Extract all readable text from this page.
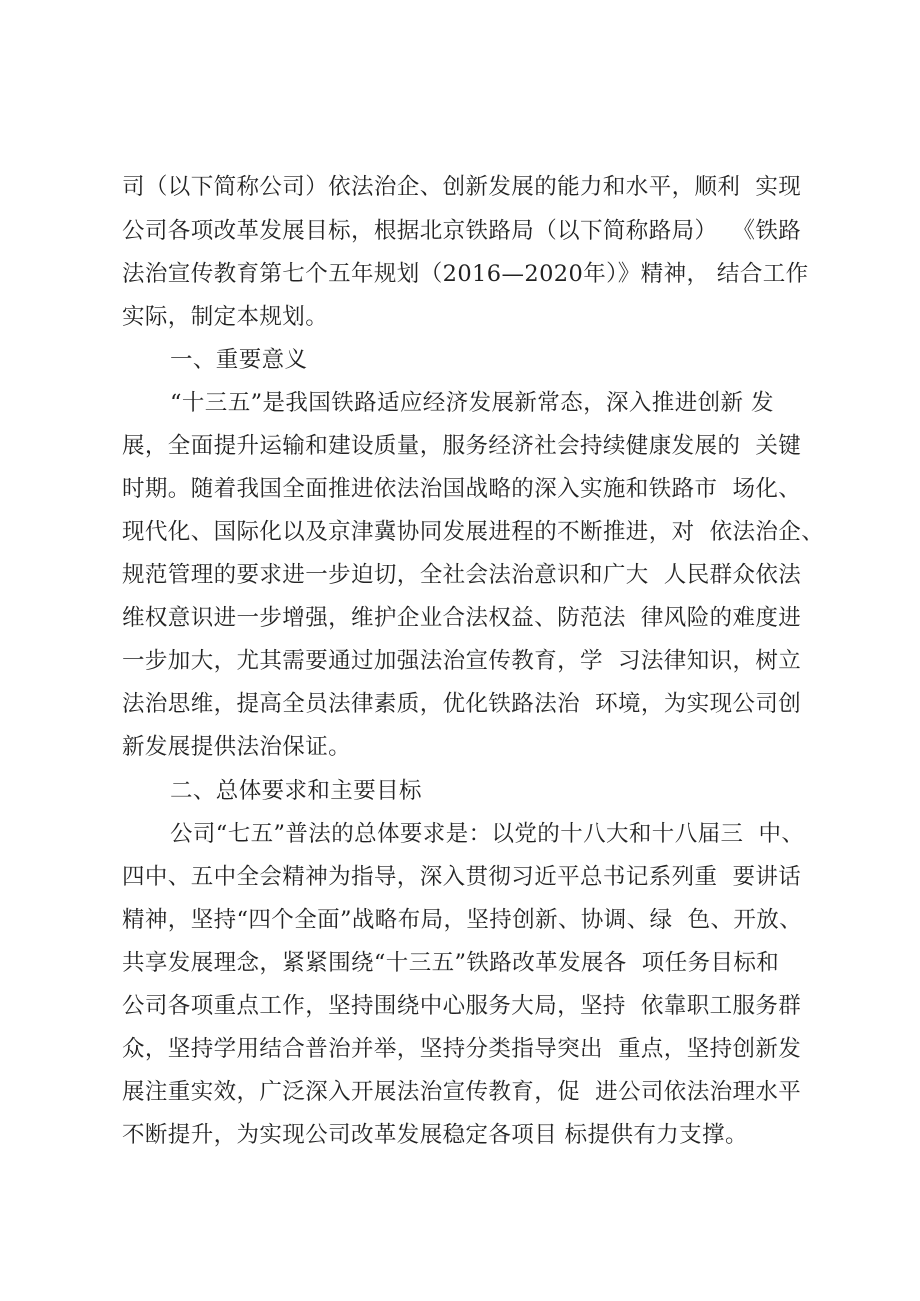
司（以下简称公司）依法治企、创新发展的能力和水平，顺利  实现
公司各项改革发展目标，根据北京铁路局（以下简称路局）  《铁路
法治宣传教育第七个五年规划（2016—2020年）》精神， 结合工作
实际，制定本规划。
一、重要意义
“十三五”是我国铁路适应经济发展新常态，深入推进创新 发
展，全面提升运输和建设质量，服务经济社会持续健康发展的  关键
时期。随着我国全面推进依法治国战略的深入实施和铁路市  场化、
现代化、国际化以及京津冀协同发展进程的不断推进，对  依法治企、
规范管理的要求进一步迫切，全社会法治意识和广大  人民群众依法
维权意识进一步增强，维护企业合法权益、防范法  律风险的难度进
一步加大，尤其需要通过加强法治宣传教育，学  习法律知识，树立
法治思维，提高全员法律素质，优化铁路法治  环境，为实现公司创
新发展提供法治保证。
二、总体要求和主要目标
公司“七五”普法的总体要求是：以党的十八大和十八届三  中、
四中、五中全会精神为指导，深入贯彻习近平总书记系列重  要讲话
精神，坚持“四个全面”战略布局，坚持创新、协调、绿  色、开放、
共享发展理念，紧紧围绕“十三五”铁路改革发展各  项任务目标和
公司各项重点工作，坚持围绕中心服务大局，坚持  依靠职工服务群
众，坚持学用结合普治并举，坚持分类指导突出  重点，坚持创新发
展注重实效，广泛深入开展法治宣传教育，促  进公司依法治理水平
不断提升，为实现公司改革发展稳定各项目 标提供有力支撑。
